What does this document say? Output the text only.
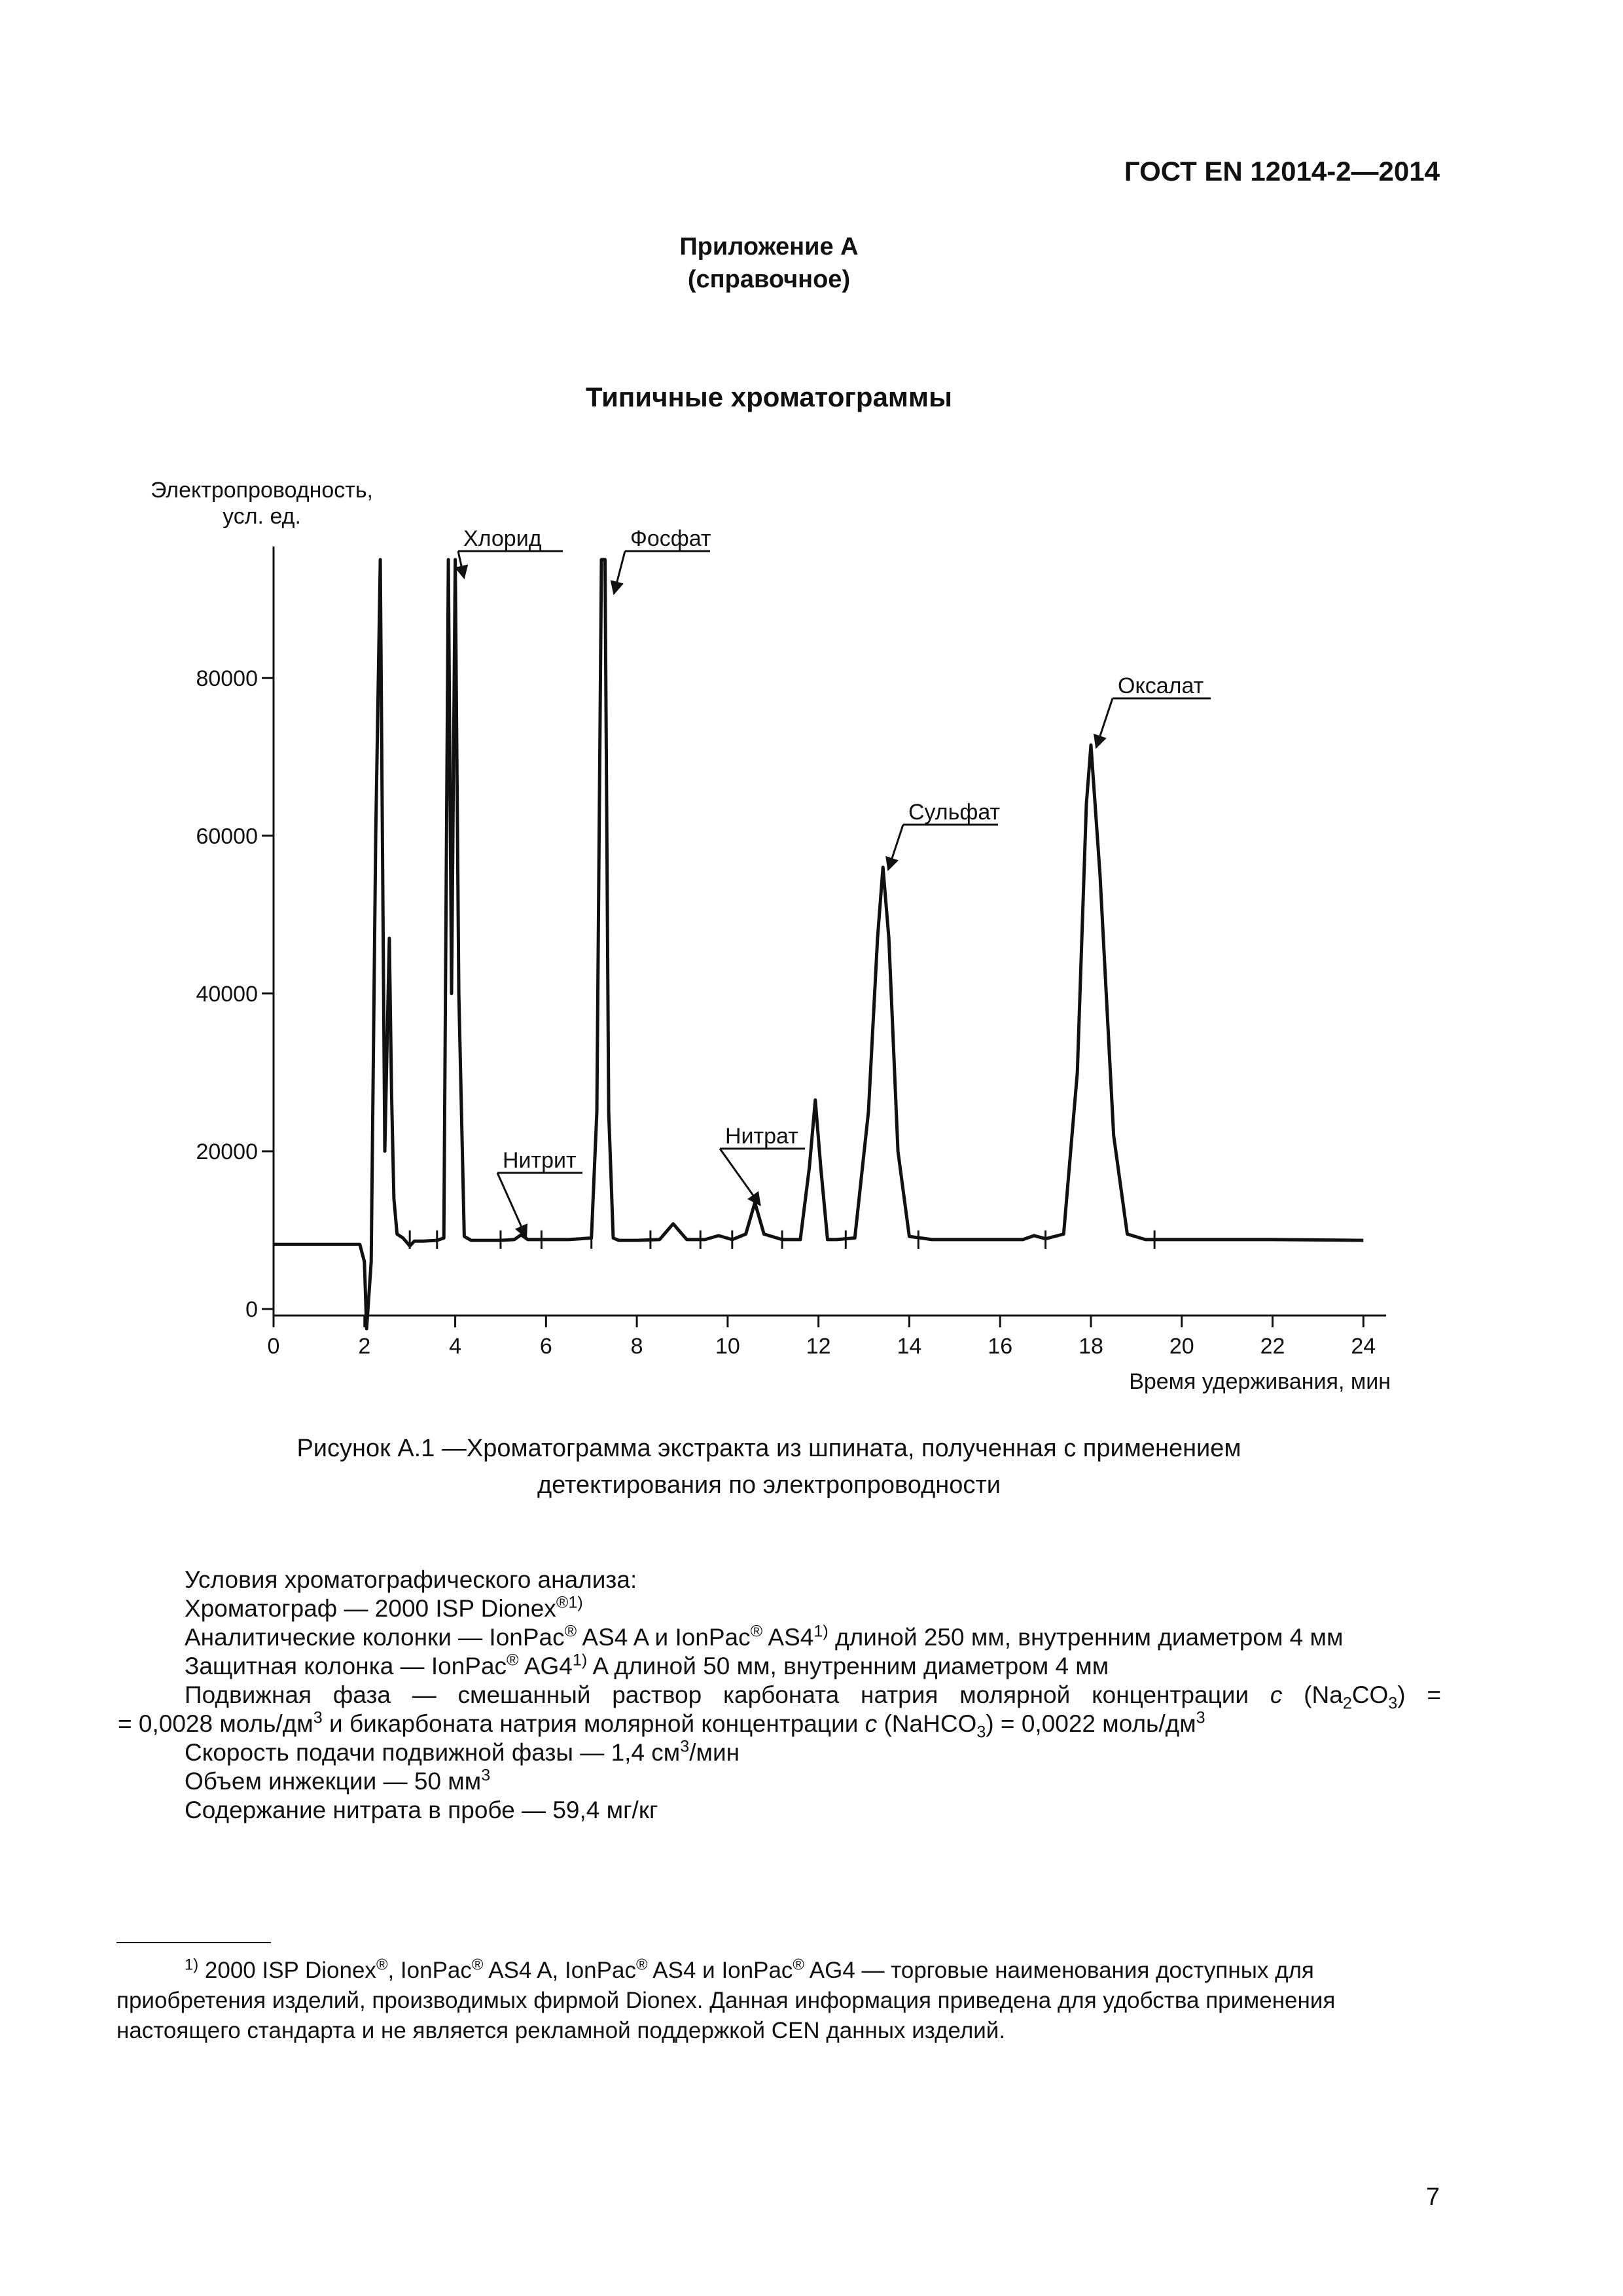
ГОСТ EN 12014-2—2014
Приложение А
(справочное)
Типичные хроматограммы
Электропроводность,
усл. ед.
0	2	4	6	8	10	12	14	16	18	20	22	24
0
20000
40000
60000
80000
Хлорид	Фосфат
Оксалат
Сульфат
Нитрат
Нитрит
Время удерживания, мин
Рисунок А.1 —Хроматограмма экстракта из шпината, полученная с применением
детектирования по электропроводности
Условия хроматографического анализа:
Хроматограф — 2000 ISP Dionex$^{®1)}$
Аналитические колонки — IonPac® AS4 A и IonPac® AS4$^{1)}$ длиной 250 мм, внутренним диаметром 4 мм
Защитная колонка — IonPac® AG4$^{1)}$ A длиной 50 мм, внутренним диаметром 4 мм
Подвижная фаза — смешанный раствор карбоната натрия молярной концентрации c $(Na_2CO_3)$ =
= 0,0028 моль/$дм^3$ и бикарбоната натрия молярной концентрации c (NaHCO$_3$) = 0,0022 моль/$дм^3$
Скорость подачи подвижной фазы — 1,4 $см^3$/мин
Объем инжекции — 50 $мм^3$
Содержание нитрата в пробе — 59,4 мг/кг
$^{1)}$ 2000 ISP Dionex®, IonPac® AS4 A, IonPac® AS4 и IonPac® AG4 — торговые наименования доступных для приобретения изделий, производимых фирмой Dionex. Данная информация приведена для удобства применения настоящего стандарта и не является рекламной поддержкой CEN данных изделий.
7
